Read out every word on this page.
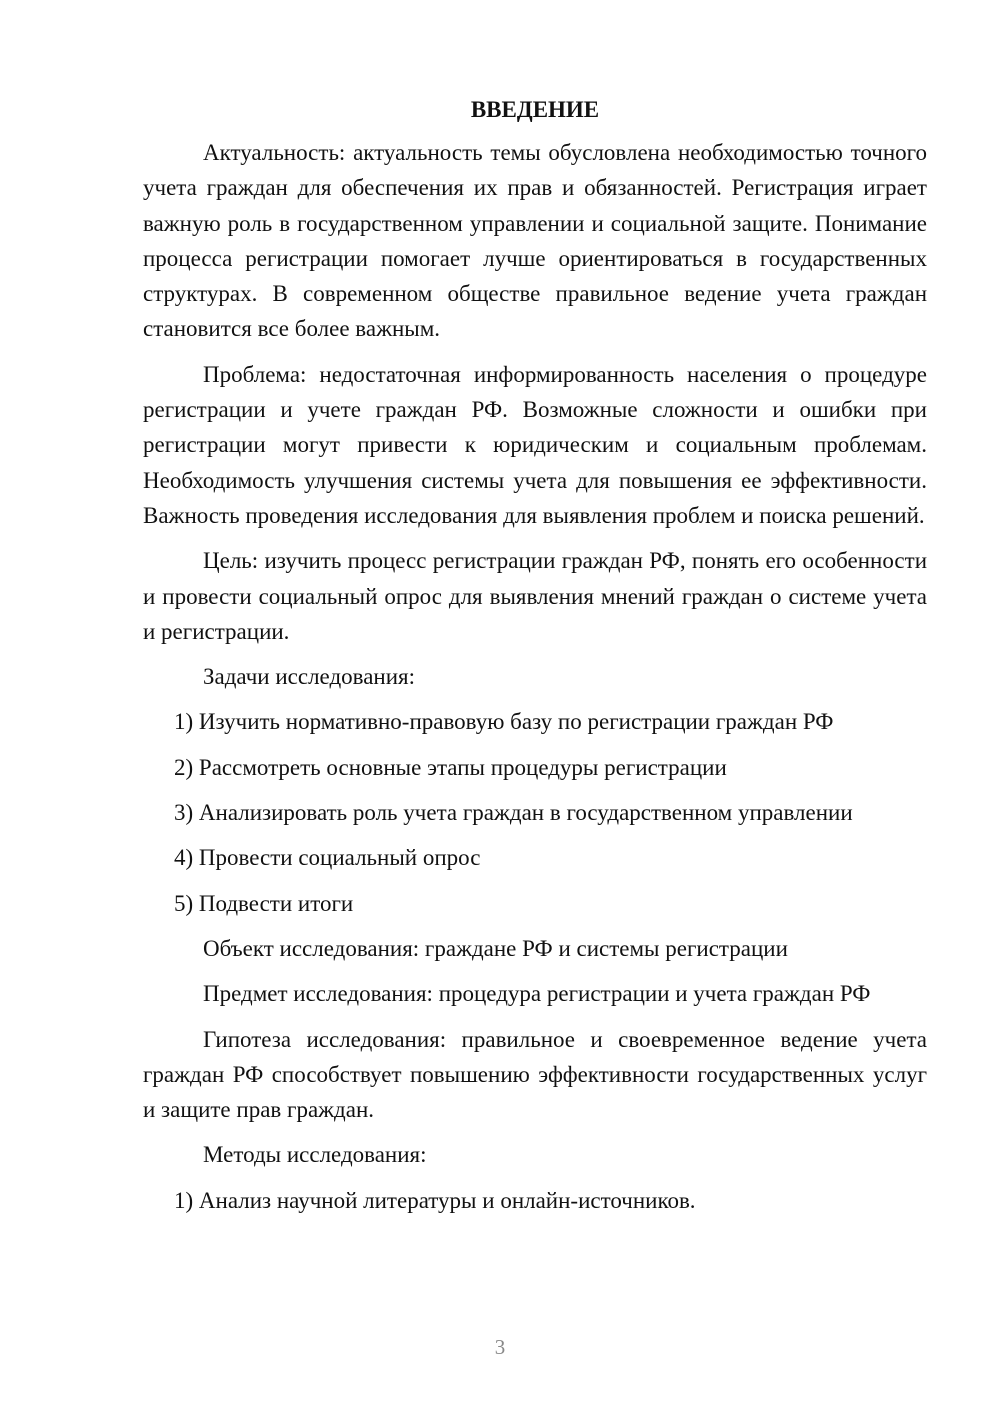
ВВЕДЕНИЕ

Актуальность: актуальность темы обусловлена необходимостью точного учета граждан для обеспечения их прав и обязанностей. Регистрация играет важную роль в государственном управлении и социальной защите. Понимание процесса регистрации помогает лучше ориентироваться в государственных структурах. В современном обществе правильное ведение учета граждан становится все более важным.

Проблема: недостаточная информированность населения о процедуре регистрации и учете граждан РФ. Возможные сложности и ошибки при регистрации могут привести к юридическим и социальным проблемам. Необходимость улучшения системы учета для повышения ее эффективности. Важность проведения исследования для выявления проблем и поиска решений.

Цель: изучить процесс регистрации граждан РФ, понять его особенности и провести социальный опрос для выявления мнений граждан о системе учета и регистрации.

Задачи исследования:
1) Изучить нормативно-правовую базу по регистрации граждан РФ
2) Рассмотреть основные этапы процедуры регистрации
3) Анализировать роль учета граждан в государственном управлении
4) Провести социальный опрос
5) Подвести итоги
Объект исследования: граждане РФ и системы регистрации
Предмет исследования: процедура регистрации и учета граждан РФ

Гипотеза исследования: правильное и своевременное ведение учета граждан РФ способствует повышению эффективности государственных услуг и защите прав граждан.

Методы исследования:
1) Анализ научной литературы и онлайн-источников.
3
